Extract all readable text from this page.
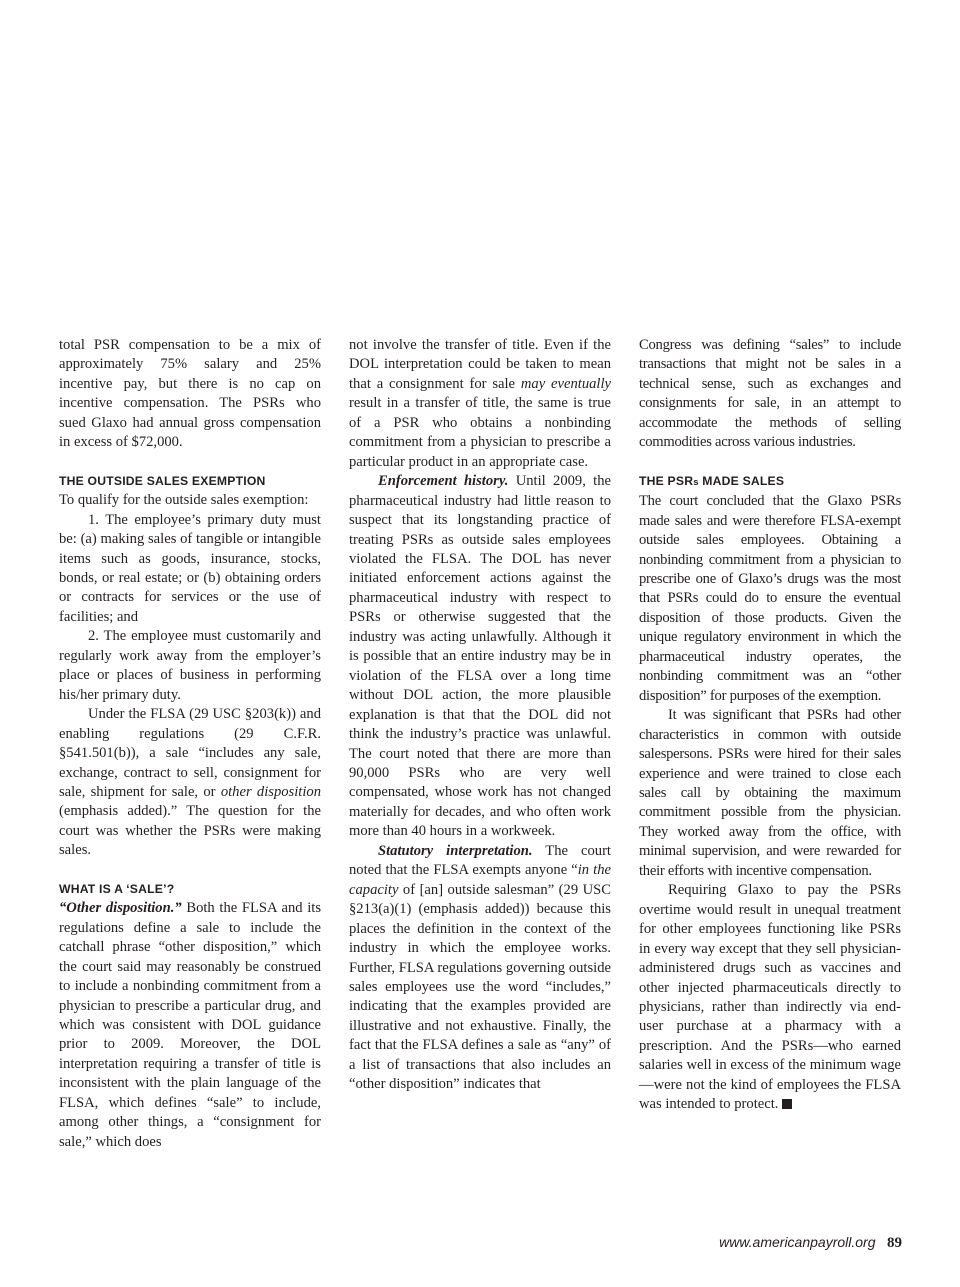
total PSR compensation to be a mix of approximately 75% salary and 25% incentive pay, but there is no cap on incentive compensation. The PSRs who sued Glaxo had annual gross compensation in excess of $72,000.

THE OUTSIDE SALES EXEMPTION

To qualify for the outside sales exemption:

1. The employee’s primary duty must be: (a) making sales of tangible or intangible items such as goods, insurance, stocks, bonds, or real estate; or (b) obtaining orders or contracts for services or the use of facilities; and

2. The employee must customarily and regularly work away from the employer’s place or places of business in performing his/her primary duty.

Under the FLSA (29 USC §203(k)) and enabling regulations (29 C.F.R. §541.501(b)), a sale “includes any sale, exchange, contract to sell, consignment for sale, shipment for sale, or other disposition (emphasis added).” The question for the court was whether the PSRs were making sales.

WHAT IS A ‘SALE’?

“Other disposition.” Both the FLSA and its regulations define a sale to include the catchall phrase “other disposition,” which the court said may reasonably be construed to include a nonbinding commitment from a physician to prescribe a particular drug, and which was consistent with DOL guidance prior to 2009. Moreover, the DOL interpretation requiring a transfer of title is inconsistent with the plain language of the FLSA, which defines “sale” to include, among other things, a “consignment for sale,” which does

not involve the transfer of title. Even if the DOL interpretation could be taken to mean that a consignment for sale may eventually result in a transfer of title, the same is true of a PSR who obtains a nonbinding commitment from a physician to prescribe a particular product in an appropriate case.

Enforcement history. Until 2009, the pharmaceutical industry had little reason to suspect that its longstanding practice of treating PSRs as outside sales employees violated the FLSA. The DOL has never initiated enforcement actions against the pharmaceutical industry with respect to PSRs or otherwise suggested that the industry was acting unlawfully. Although it is possible that an entire industry may be in violation of the FLSA over a long time without DOL action, the more plausible explanation is that that the DOL did not think the industry’s practice was unlawful. The court noted that there are more than 90,000 PSRs who are very well compensated, whose work has not changed materially for decades, and who often work more than 40 hours in a workweek.

Statutory interpretation. The court noted that the FLSA exempts anyone “in the capacity of [an] outside salesman” (29 USC §213(a)(1) (emphasis added)) because this places the definition in the context of the industry in which the employee works. Further, FLSA regulations governing outside sales employees use the word “includes,” indicating that the examples provided are illustrative and not exhaustive. Finally, the fact that the FLSA defines a sale as “any” of a list of transactions that also includes an “other disposition” indicates that

Congress was defining “sales” to include transactions that might not be sales in a technical sense, such as exchanges and consignments for sale, in an attempt to accommodate the methods of selling commodities across various industries.

THE PSRs MADE SALES

The court concluded that the Glaxo PSRs made sales and were therefore FLSA-exempt outside sales employees. Obtaining a nonbinding commitment from a physician to prescribe one of Glaxo’s drugs was the most that PSRs could do to ensure the eventual disposition of those products. Given the unique regulatory environment in which the pharmaceutical industry operates, the nonbinding commitment was an “other disposition” for purposes of the exemption.

It was significant that PSRs had other characteristics in common with outside salespersons. PSRs were hired for their sales experience and were trained to close each sales call by obtaining the maximum commitment possible from the physician. They worked away from the office, with minimal supervision, and were rewarded for their efforts with incentive compensation.

Requiring Glaxo to pay the PSRs overtime would result in unequal treatment for other employees functioning like PSRs in every way except that they sell physician-administered drugs such as vaccines and other injected pharmaceuticals directly to physicians, rather than indirectly via end-user purchase at a pharmacy with a prescription. And the PSRs—who earned salaries well in excess of the minimum wage—were not the kind of employees the FLSA was intended to protect.

www.americanpayroll.org 89
